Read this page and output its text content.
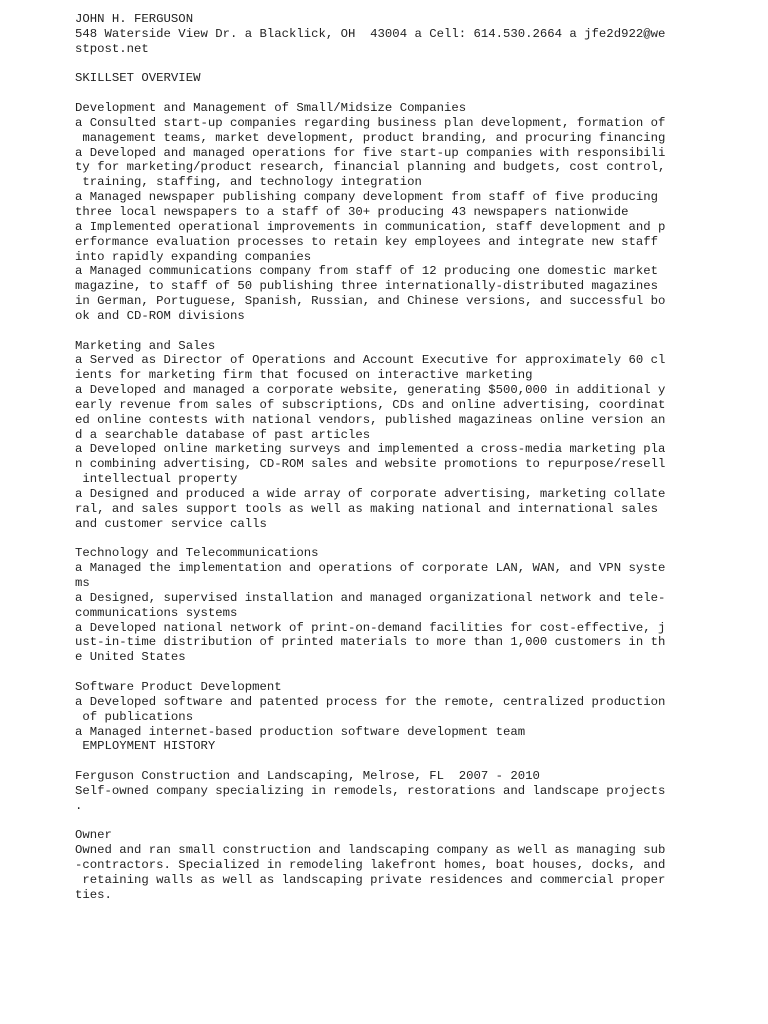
JOHN H. FERGUSON
548 Waterside View Dr. a Blacklick, OH  43004 a Cell: 614.530.2664 a jfe2d922@we
stpost.net
SKILLSET OVERVIEW
Development and Management of Small/Midsize Companies
a Consulted start-up companies regarding business plan development, formation of
management teams, market development, product branding, and procuring financing
a Developed and managed operations for five start-up companies with responsibili
ty for marketing/product research, financial planning and budgets, cost control,
training, staffing, and technology integration
a Managed newspaper publishing company development from staff of five producing
three local newspapers to a staff of 30+ producing 43 newspapers nationwide
a Implemented operational improvements in communication, staff development and p
erformance evaluation processes to retain key employees and integrate new staff
into rapidly expanding companies
a Managed communications company from staff of 12 producing one domestic market
magazine, to staff of 50 publishing three internationally-distributed magazines
in German, Portuguese, Spanish, Russian, and Chinese versions, and successful bo
ok and CD-ROM divisions
Marketing and Sales
a Served as Director of Operations and Account Executive for approximately 60 cl
ients for marketing firm that focused on interactive marketing
a Developed and managed a corporate website, generating $500,000 in additional y
early revenue from sales of subscriptions, CDs and online advertising, coordinat
ed online contests with national vendors, published magazineas online version an
d a searchable database of past articles
a Developed online marketing surveys and implemented a cross-media marketing pla
n combining advertising, CD-ROM sales and website promotions to repurpose/resell
intellectual property
a Designed and produced a wide array of corporate advertising, marketing collate
ral, and sales support tools as well as making national and international sales
and customer service calls
Technology and Telecommunications
a Managed the implementation and operations of corporate LAN, WAN, and VPN syste
ms
a Designed, supervised installation and managed organizational network and tele-
communications systems
a Developed national network of print-on-demand facilities for cost-effective, j
ust-in-time distribution of printed materials to more than 1,000 customers in th
e United States
Software Product Development
a Developed software and patented process for the remote, centralized production
of publications
a Managed internet-based production software development team
EMPLOYMENT HISTORY
Ferguson Construction and Landscaping, Melrose, FL  2007 - 2010
Self-owned company specializing in remodels, restorations and landscape projects
.
Owner
Owned and ran small construction and landscaping company as well as managing sub
-contractors. Specialized in remodeling lakefront homes, boat houses, docks, and
retaining walls as well as landscaping private residences and commercial proper
ties.
